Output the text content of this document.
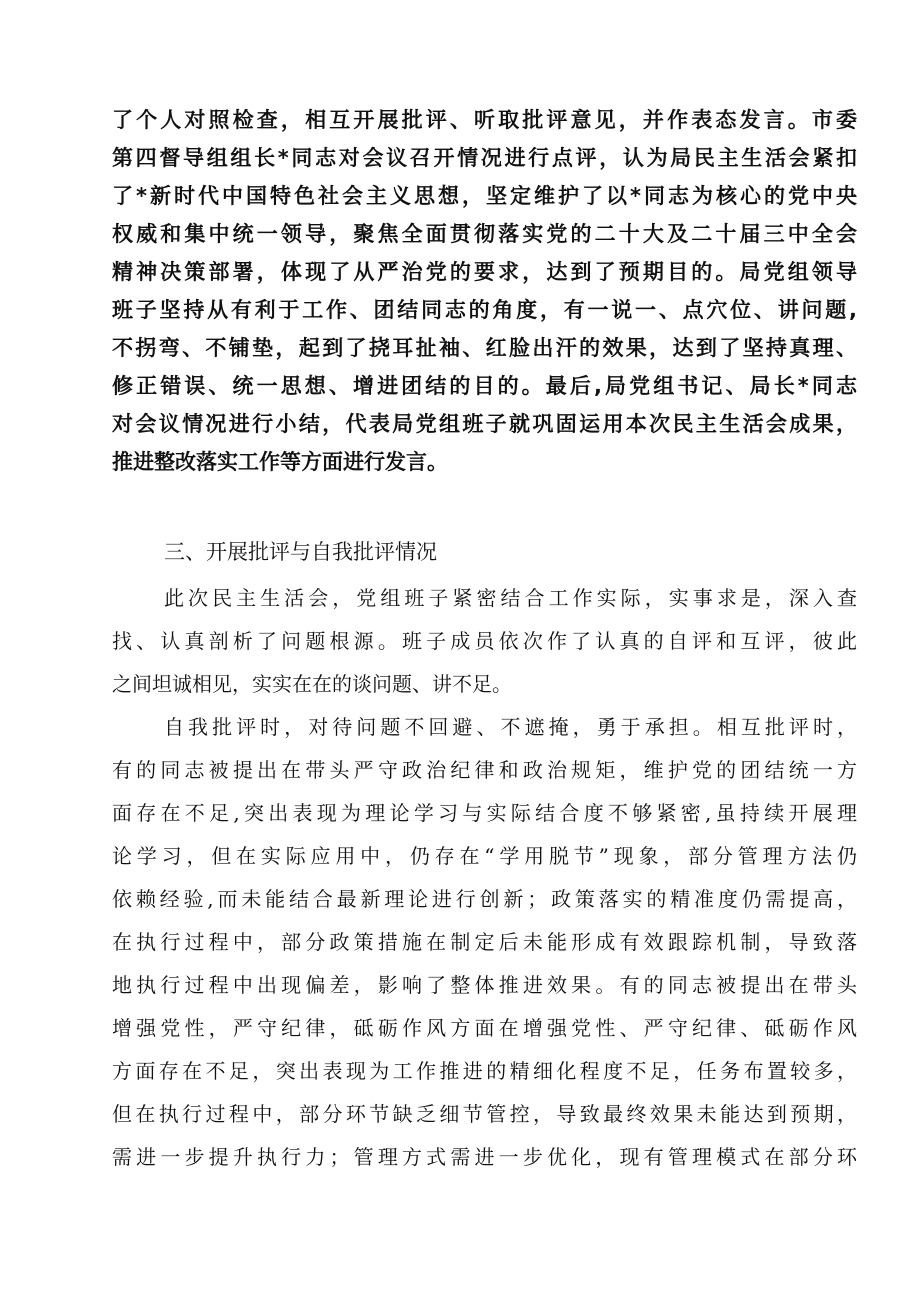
了个人对照检查，相互开展批评、听取批评意见，并作表态发言。市委
第四督导组组长*同志对会议召开情况进行点评，认为局民主生活会紧扣
了*新时代中国特色社会主义思想，坚定维护了以*同志为核心的党中央
权威和集中统一领导，聚焦全面贯彻落实党的二十大及二十届三中全会
精神决策部署，体现了从严治党的要求，达到了预期目的。局党组领导
班子坚持从有利于工作、团结同志的角度，有一说一、点穴位、讲问题,
不拐弯、不铺垫，起到了挠耳扯袖、红脸出汗的效果，达到了坚持真理、
修正错误、统一思想、增进团结的目的。最后,局党组书记、局长*同志
对会议情况进行小结，代表局党组班子就巩固运用本次民主生活会成果，
推进整改落实工作等方面进行发言。
三、开展批评与自我批评情况
此次民主生活会，党组班子紧密结合工作实际，实事求是，深入查
找、认真剖析了问题根源。班子成员依次作了认真的自评和互评，彼此
之间坦诚相见，实实在在的谈问题、讲不足。
自我批评时，对待问题不回避、不遮掩，勇于承担。相互批评时，
有的同志被提出在带头严守政治纪律和政治规矩，维护党的团结统一方
面存在不足,突出表现为理论学习与实际结合度不够紧密,虽持续开展理
论学习，但在实际应用中，仍存在“学用脱节”现象，部分管理方法仍
依赖经验,而未能结合最新理论进行创新；政策落实的精准度仍需提高，
在执行过程中，部分政策措施在制定后未能形成有效跟踪机制，导致落
地执行过程中出现偏差，影响了整体推进效果。有的同志被提出在带头
增强党性，严守纪律，砥砺作风方面在增强党性、严守纪律、砥砺作风
方面存在不足，突出表现为工作推进的精细化程度不足，任务布置较多，
但在执行过程中，部分环节缺乏细节管控，导致最终效果未能达到预期，
需进一步提升执行力；管理方式需进一步优化，现有管理模式在部分环
